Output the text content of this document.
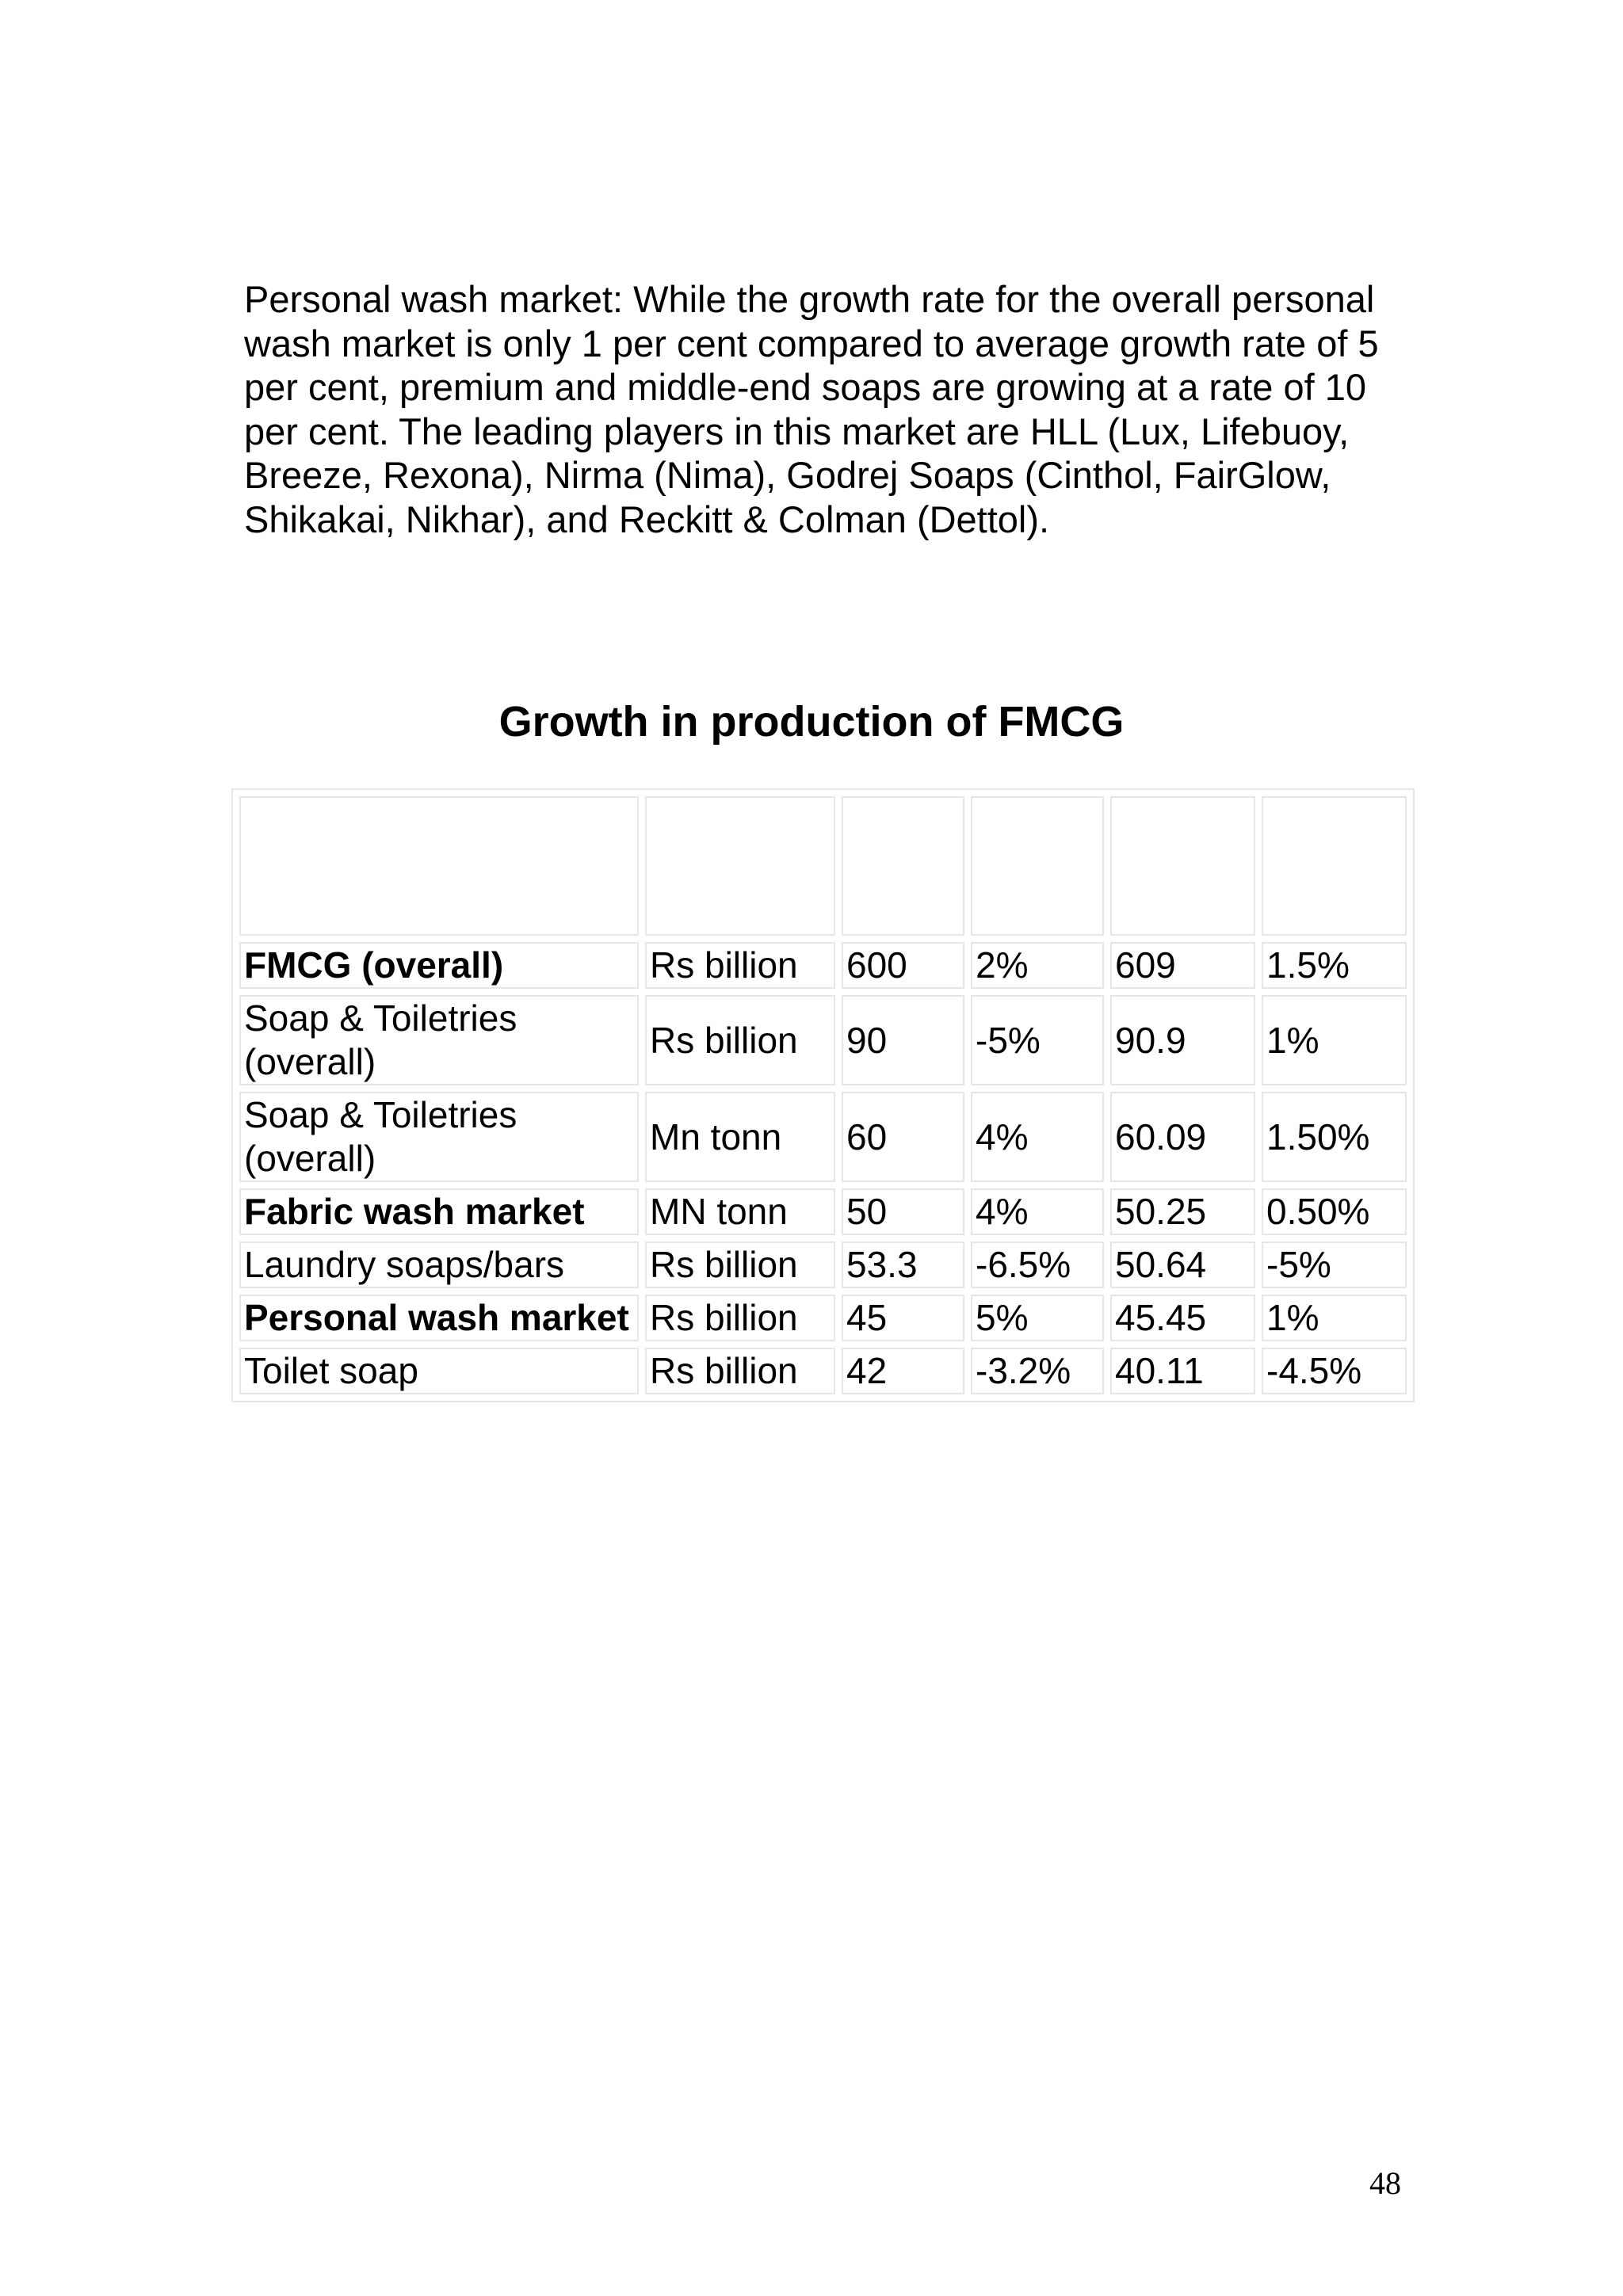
Personal wash market: While the growth rate for the overall personal wash market is only 1 per cent compared to average growth rate of 5 per cent, premium and middle-end soaps are growing at a rate of 10 per cent. The leading players in this market are HLL (Lux, Lifebuoy, Breeze, Rexona), Nirma (Nima), Godrej Soaps (Cinthol, FairGlow, Shikakai, Nikhar), and Reckitt & Colman (Dettol).

Growth in production of FMCG

FMCG (overall)	Rs billion	600	2%	609	1.5%
Soap & Toiletries (overall)	Rs billion	90	-5%	90.9	1%
Soap & Toiletries (overall)	Mn tonn	60	4%	60.09	1.50%
Fabric wash market	MN tonn	50	4%	50.25	0.50%
Laundry soaps/bars	Rs billion	53.3	-6.5%	50.64	-5%
Personal wash market	Rs billion	45	5%	45.45	1%
Toilet soap	Rs billion	42	-3.2%	40.11	-4.5%
48
